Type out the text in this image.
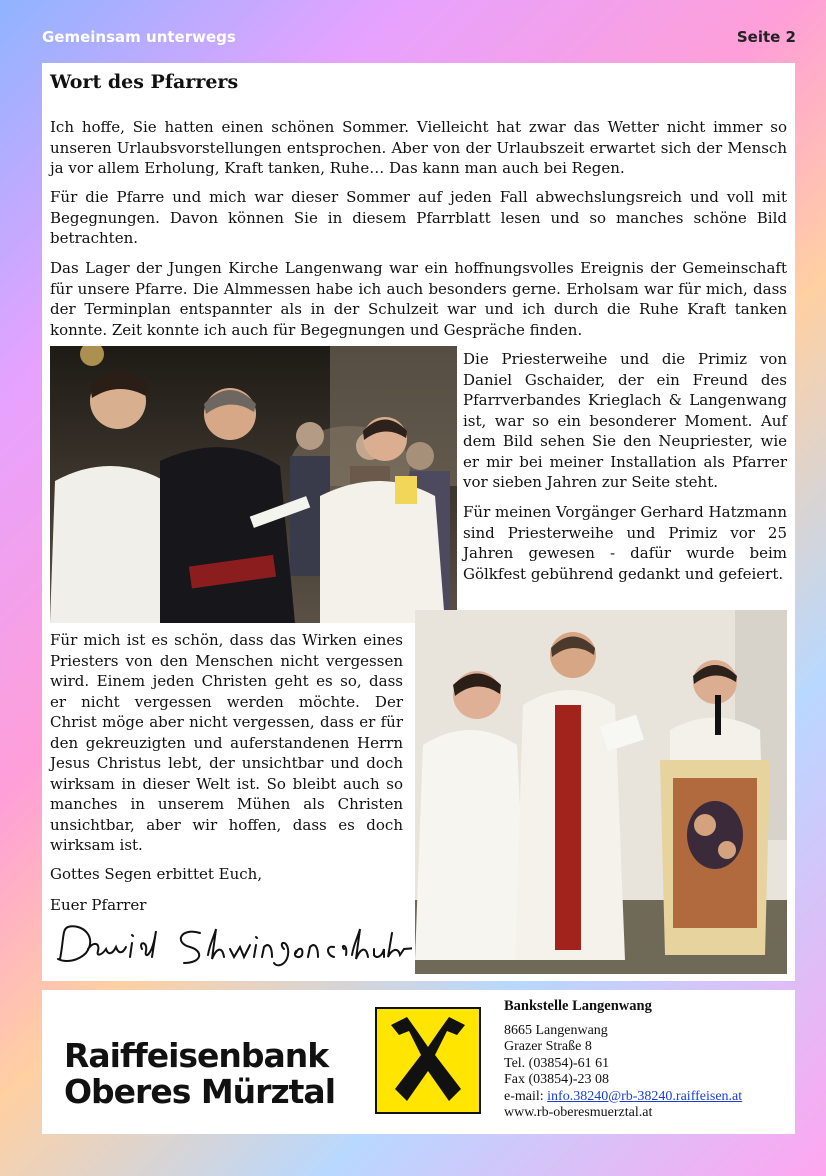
Gemeinsam unterwegs	Seite 2
Wort des Pfarrers

Ich hoffe, Sie hatten einen schönen Sommer. Vielleicht hat zwar das Wetter nicht immer so unseren Urlaubsvorstellungen entsprochen. Aber von der Urlaubszeit erwartet sich der Mensch ja vor allem Erholung, Kraft tanken, Ruhe… Das kann man auch bei Regen.

Für die Pfarre und mich war dieser Sommer auf jeden Fall abwechslungsreich und voll mit Begegnungen. Davon können Sie in diesem Pfarrblatt lesen und so manches schöne Bild betrachten.

Das Lager der Jungen Kirche Langenwang war ein hoffnungsvolles Ereignis der Gemeinschaft für unsere Pfarre. Die Almmessen habe ich auch besonders gerne. Erholsam war für mich, dass der Terminplan entspannter als in der Schulzeit war und ich durch die Ruhe Kraft tanken konnte. Zeit konnte ich auch für Begegnungen und Gespräche finden.

Die Priesterweihe und die Primiz von Daniel Gschaider, der ein Freund des Pfarrverbandes Krieglach & Langenwang ist, war so ein besonderer Moment. Auf dem Bild sehen Sie den Neupriester, wie er mir bei meiner Installation als Pfarrer vor sieben Jahren zur Seite steht.

Für meinen Vorgänger Gerhard Hatzmann sind Priesterweihe und Primiz vor 25 Jahren gewesen - dafür wurde beim Gölkfest gebührend gedankt und gefeiert.

Für mich ist es schön, dass das Wirken eines Priesters von den Menschen nicht vergessen wird. Einem jeden Christen geht es so, dass er nicht vergessen werden möchte. Der Christ möge aber nicht vergessen, dass er für den gekreuzigten und auferstandenen Herrn Jesus Christus lebt, der unsichtbar und doch wirksam in dieser Welt ist. So bleibt auch so manches in unserem Mühen als Christen unsichtbar, aber wir hoffen, dass es doch wirksam ist.

Gottes Segen erbittet Euch,

Euer Pfarrer

Raiffeisenbank
Oberes Mürztal
Bankstelle Langenwang
8665 Langenwang
Grazer Straße 8
Tel. (03854)-61 61
Fax (03854)-23 08
e-mail: info.38240@rb-38240.raiffeisen.at
www.rb-oberesmuerztal.at
